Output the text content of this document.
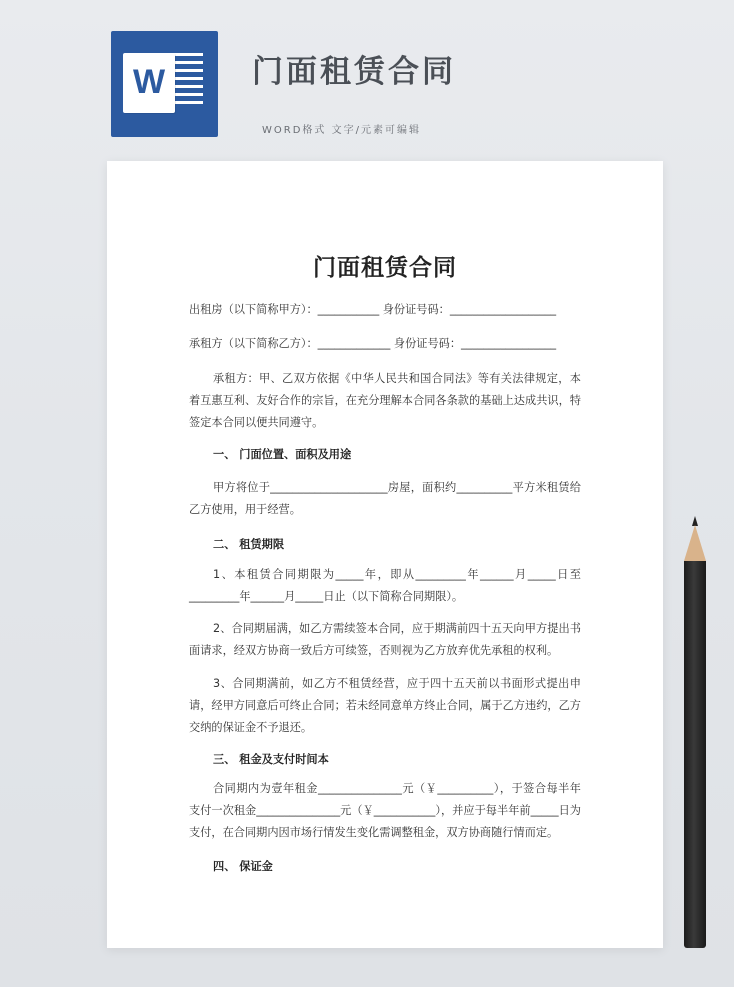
W	门面租赁合同
WORD格式 文字/元素可编辑
门面租赁合同
出租房（以下简称甲方）：___________ 身份证号码：___________________
承租方（以下简称乙方）：_____________ 身份证号码：_________________
承租方：甲、乙双方依据《中华人民共和国合同法》等有关法律规定，本着互惠互利、友好合作的宗旨，在充分理解本合同各条款的基础上达成共识，特签定本合同以便共同遵守。
一、 门面位置、面积及用途
甲方将位于_____________________房屋，面积约__________平方米租赁给乙方使用，用于经营。
二、 租赁期限
1、本租赁合同期限为_____年，即从_________年______月_____日至_________年______月_____日止（以下简称合同期限）。
2、合同期届满，如乙方需续签本合同，应于期满前四十五天向甲方提出书面请求，经双方协商一致后方可续签，否则视为乙方放弃优先承租的权利。
3、合同期满前，如乙方不租赁经营，应于四十五天前以书面形式提出申请，经甲方同意后可终止合同；若未经同意单方终止合同，属于乙方违约，乙方交纳的保证金不予退还。
三、 租金及支付时间本
合同期内为壹年租金_______________元（￥__________），于签合每半年支付一次租金_______________元（￥___________），并应于每半年前_____日为支付，在合同期内因市场行情发生变化需调整租金，双方协商随行情而定。
四、 保证金
